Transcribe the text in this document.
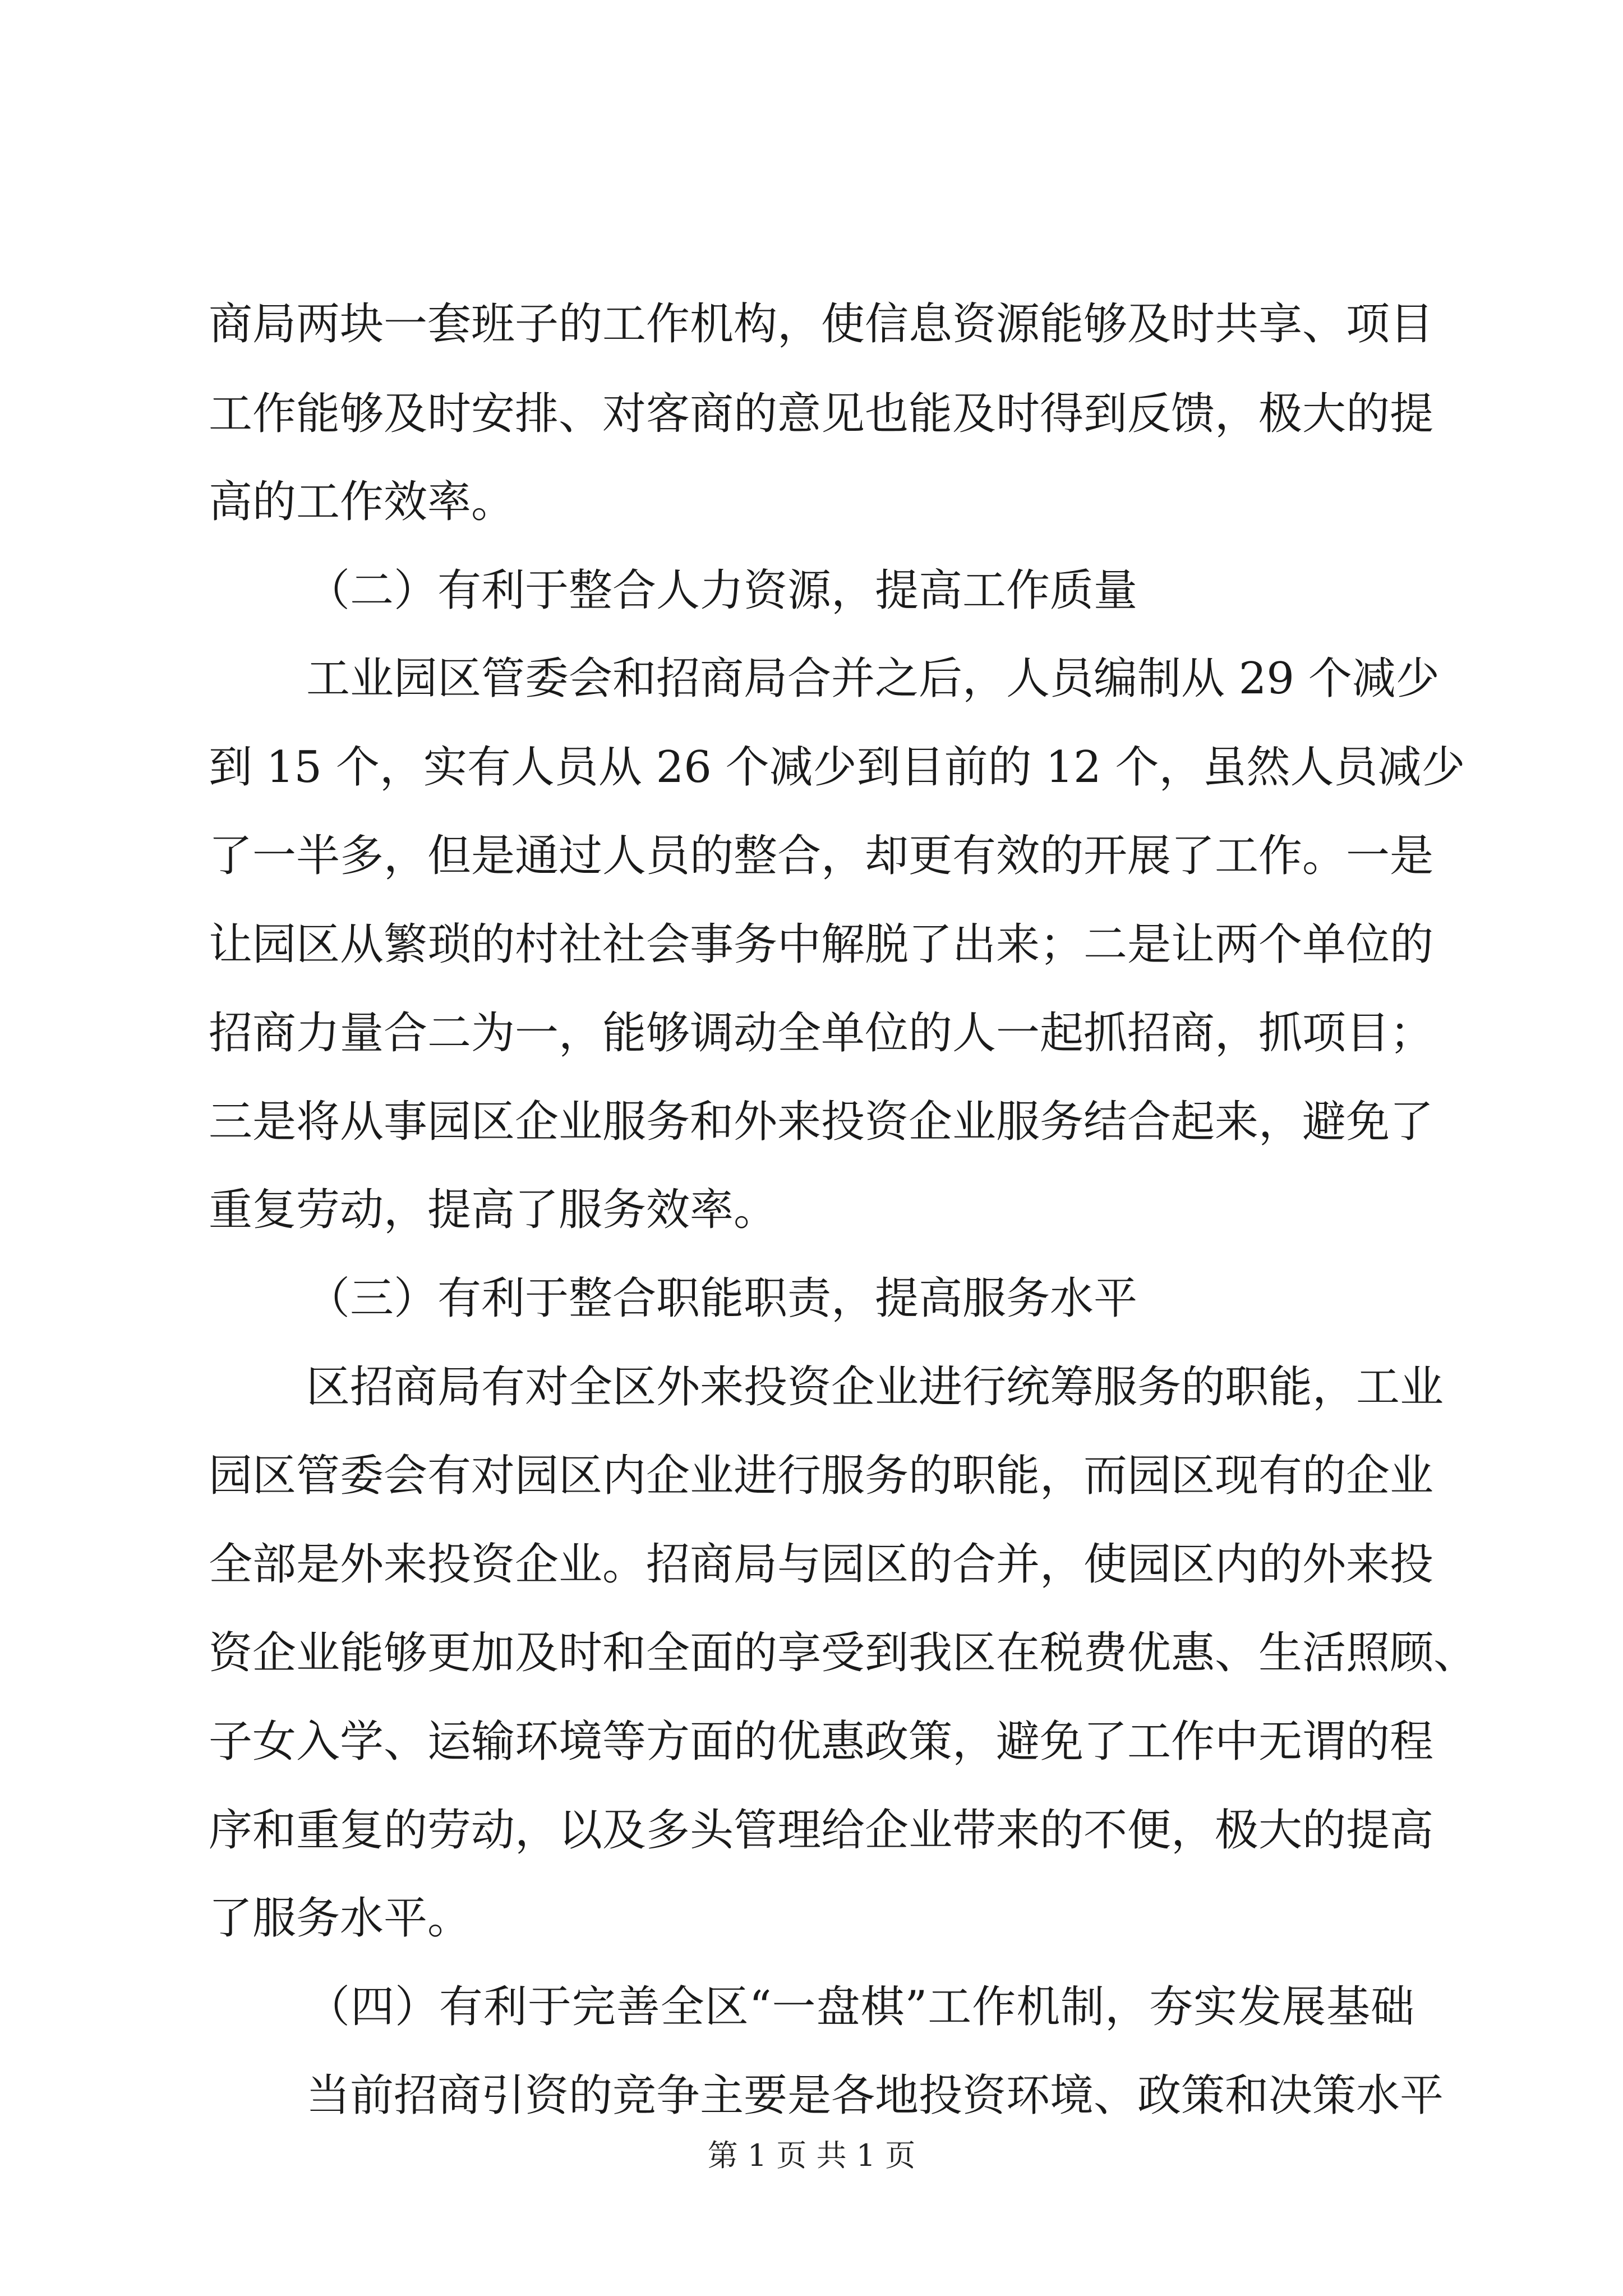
商局两块一套班子的工作机构，使信息资源能够及时共享、项目
工作能够及时安排、对客商的意见也能及时得到反馈，极大的提
高的工作效率。
（二）有利于整合人力资源，提高工作质量
工业园区管委会和招商局合并之后，人员编制从 29 个减少
到 15 个，实有人员从 26 个减少到目前的 12 个，虽然人员减少
了一半多，但是通过人员的整合，却更有效的开展了工作。一是
让园区从繁琐的村社社会事务中解脱了出来；二是让两个单位的
招商力量合二为一，能够调动全单位的人一起抓招商，抓项目；
三是将从事园区企业服务和外来投资企业服务结合起来，避免了
重复劳动，提高了服务效率。
（三）有利于整合职能职责，提高服务水平
区招商局有对全区外来投资企业进行统筹服务的职能，工业
园区管委会有对园区内企业进行服务的职能，而园区现有的企业
全部是外来投资企业。招商局与园区的合并，使园区内的外来投
资企业能够更加及时和全面的享受到我区在税费优惠、生活照顾、
子女入学、运输环境等方面的优惠政策，避免了工作中无谓的程
序和重复的劳动，以及多头管理给企业带来的不便，极大的提高
了服务水平。
（四）有利于完善全区“一盘棋”工作机制，夯实发展基础
当前招商引资的竞争主要是各地投资环境、政策和决策水平
第 1 页 共 1 页
